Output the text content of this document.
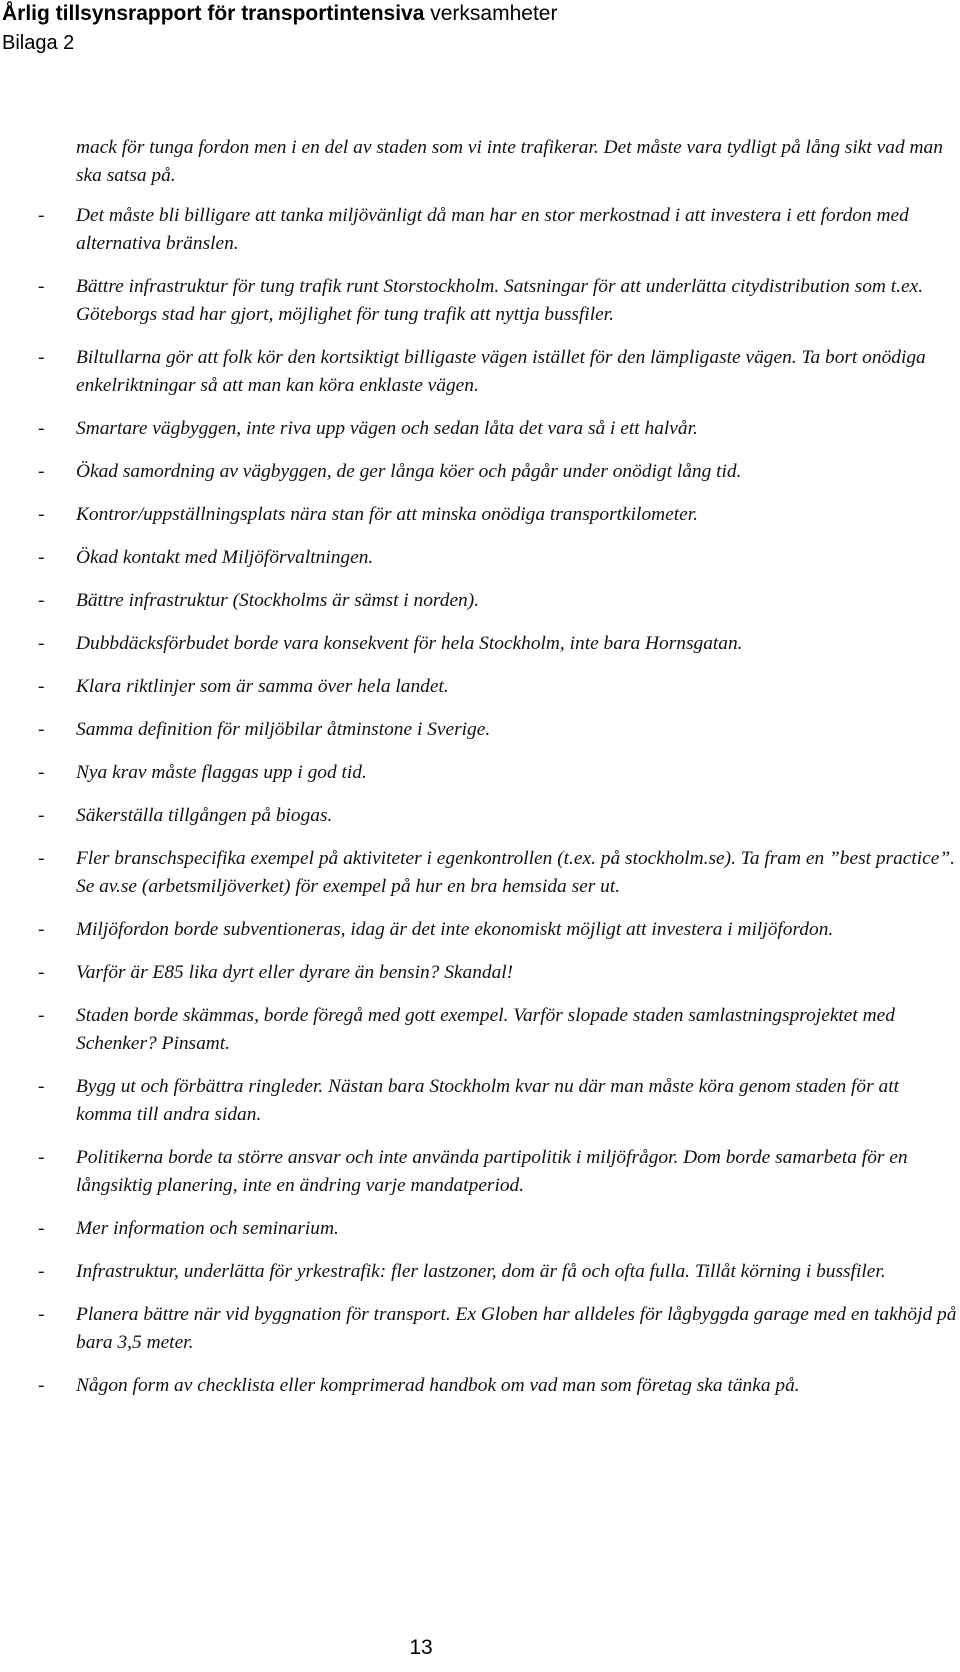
Årlig tillsynsrapport för transportintensiva verksamheter
Bilaga 2

mack för tunga fordon men i en del av staden som vi inte trafikerar. Det måste vara tydligt på lång sikt vad man ska satsa på.

- Det måste bli billigare att tanka miljövänligt då man har en stor merkostnad i att investera i ett fordon med alternativa bränslen.
- Bättre infrastruktur för tung trafik runt Storstockholm. Satsningar för att underlätta citydistribution som t.ex. Göteborgs stad har gjort, möjlighet för tung trafik att nyttja bussfiler.
- Biltullarna gör att folk kör den kortsiktigt billigaste vägen istället för den lämpligaste vägen. Ta bort onödiga enkelriktningar så att man kan köra enklaste vägen.
- Smartare vägbyggen, inte riva upp vägen och sedan låta det vara så i ett halvår.
- Ökad samordning av vägbyggen, de ger långa köer och pågår under onödigt lång tid.
- Kontror/uppställningsplats nära stan för att minska onödiga transportkilometer.
- Ökad kontakt med Miljöförvaltningen.
- Bättre infrastruktur (Stockholms är sämst i norden).
- Dubbdäcksförbudet borde vara konsekvent för hela Stockholm, inte bara Hornsgatan.
- Klara riktlinjer som är samma över hela landet.
- Samma definition för miljöbilar åtminstone i Sverige.
- Nya krav måste flaggas upp i god tid.
- Säkerställa tillgången på biogas.
- Fler branschspecifika exempel på aktiviteter i egenkontrollen (t.ex. på stockholm.se). Ta fram en ”best practice”. Se av.se (arbetsmiljöverket) för exempel på hur en bra hemsida ser ut.
- Miljöfordon borde subventioneras, idag är det inte ekonomiskt möjligt att investera i miljöfordon.
- Varför är E85 lika dyrt eller dyrare än bensin? Skandal!
- Staden borde skämmas, borde föregå med gott exempel. Varför slopade staden samlastningsprojektet med Schenker? Pinsamt.
- Bygg ut och förbättra ringleder. Nästan bara Stockholm kvar nu där man måste köra genom staden för att komma till andra sidan.
- Politikerna borde ta större ansvar och inte använda partipolitik i miljöfrågor. Dom borde samarbeta för en långsiktig planering, inte en ändring varje mandatperiod.
- Mer information och seminarium.
- Infrastruktur, underlätta för yrkestrafik: fler lastzoner, dom är få och ofta fulla. Tillåt körning i bussfiler.
- Planera bättre när vid byggnation för transport. Ex Globen har alldeles för lågbyggda garage med en takhöjd på bara 3,5 meter.
- Någon form av checklista eller komprimerad handbok om vad man som företag ska tänka på.
13
